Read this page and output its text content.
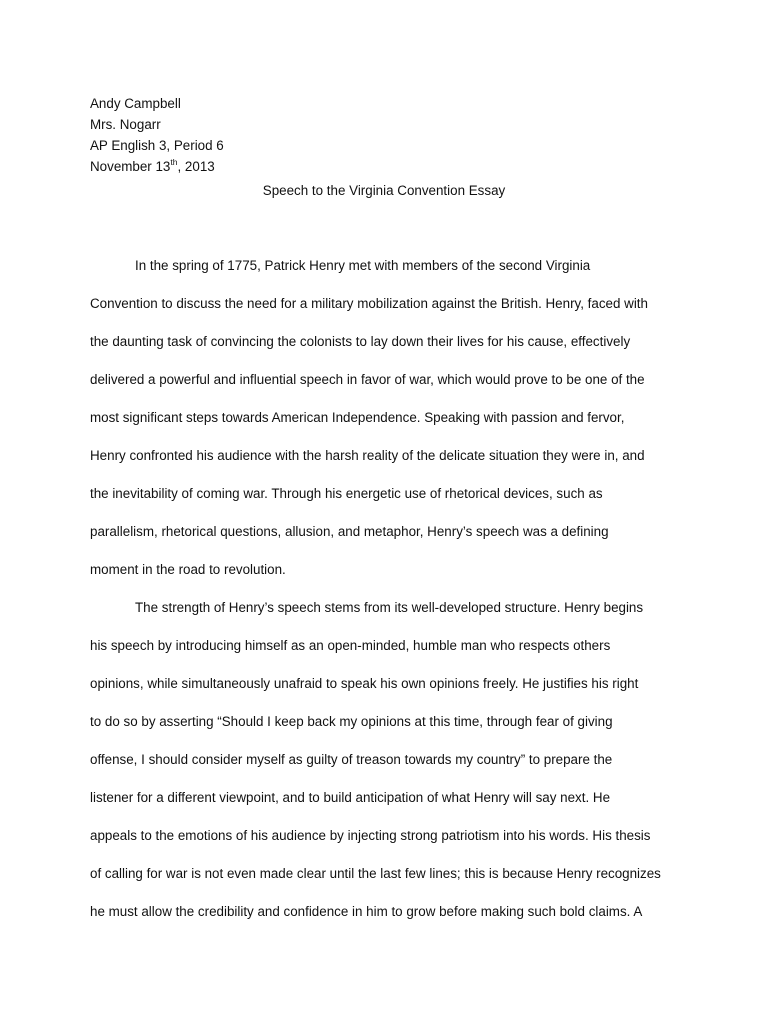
Andy Campbell
Mrs. Nogarr
AP English 3, Period 6
November 13th, 2013
Speech to the Virginia Convention Essay
In the spring of 1775, Patrick Henry met with members of the second Virginia
Convention to discuss the need for a military mobilization against the British. Henry, faced with
the daunting task of convincing the colonists to lay down their lives for his cause, effectively
delivered a powerful and influential speech in favor of war, which would prove to be one of the
most significant steps towards American Independence. Speaking with passion and fervor,
Henry confronted his audience with the harsh reality of the delicate situation they were in, and
the inevitability of coming war. Through his energetic use of rhetorical devices, such as
parallelism, rhetorical questions, allusion, and metaphor, Henry’s speech was a defining
moment in the road to revolution.
The strength of Henry’s speech stems from its well-developed structure. Henry begins
his speech by introducing himself as an open-minded, humble man who respects others
opinions, while simultaneously unafraid to speak his own opinions freely. He justifies his right
to do so by asserting “Should I keep back my opinions at this time, through fear of giving
offense, I should consider myself as guilty of treason towards my country” to prepare the
listener for a different viewpoint, and to build anticipation of what Henry will say next. He
appeals to the emotions of his audience by injecting strong patriotism into his words. His thesis
of calling for war is not even made clear until the last few lines; this is because Henry recognizes
he must allow the credibility and confidence in him to grow before making such bold claims. A
